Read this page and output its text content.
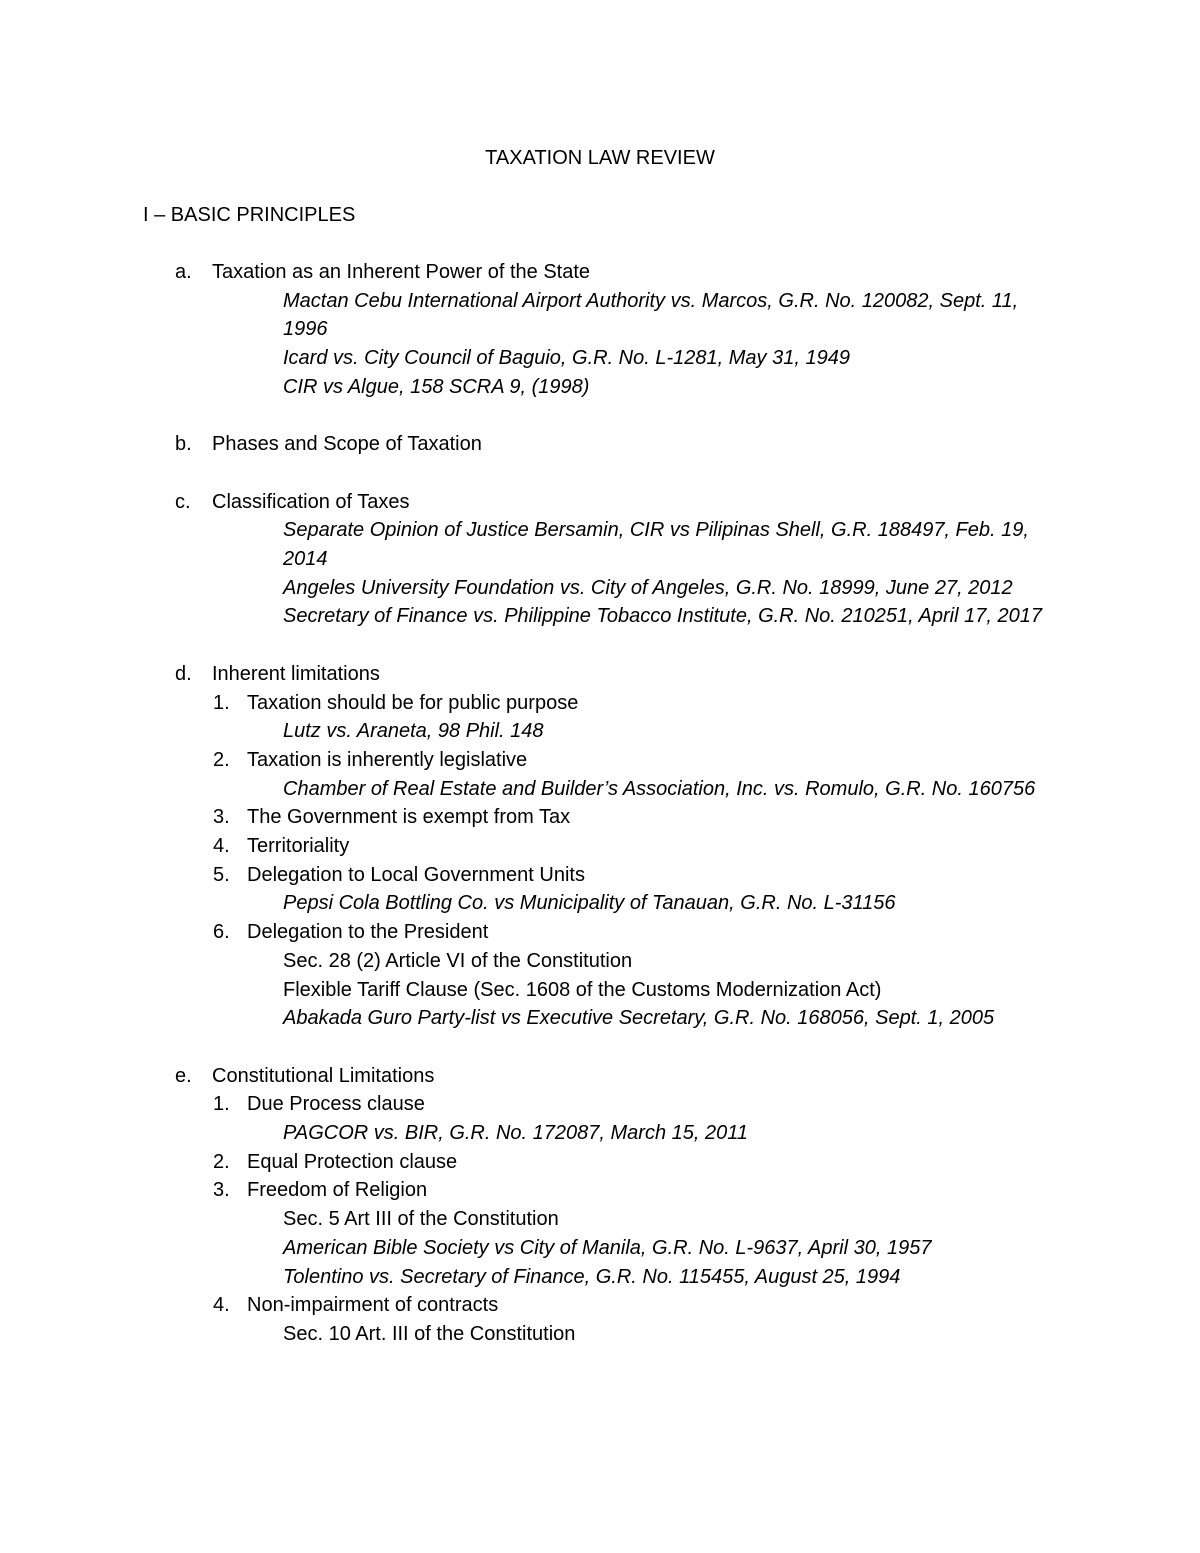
TAXATION LAW REVIEW
I – BASIC PRINCIPLES
a.	Taxation as an Inherent Power of the State
Mactan Cebu International Airport Authority vs. Marcos, G.R. No. 120082, Sept. 11, 1996
Icard vs. City Council of Baguio, G.R. No. L-1281, May 31, 1949
CIR vs Algue, 158 SCRA 9, (1998)
b.	Phases and Scope of Taxation
c.	Classification of Taxes
Separate Opinion of Justice Bersamin, CIR vs Pilipinas Shell, G.R. 188497, Feb. 19, 2014
Angeles University Foundation vs. City of Angeles, G.R. No. 18999, June 27, 2012
Secretary of Finance vs. Philippine Tobacco Institute, G.R. No. 210251, April 17, 2017
d.	Inherent limitations
1. Taxation should be for public purpose
Lutz vs. Araneta, 98 Phil. 148
2. Taxation is inherently legislative
Chamber of Real Estate and Builder’s Association, Inc. vs. Romulo, G.R. No. 160756
3. The Government is exempt from Tax
4. Territoriality
5. Delegation to Local Government Units
Pepsi Cola Bottling Co. vs Municipality of Tanauan, G.R. No. L-31156
6. Delegation to the President
Sec. 28 (2) Article VI of the Constitution
Flexible Tariff Clause (Sec. 1608 of the Customs Modernization Act)
Abakada Guro Party-list vs Executive Secretary, G.R. No. 168056, Sept. 1, 2005
e.	Constitutional Limitations
1. Due Process clause
PAGCOR vs. BIR, G.R. No. 172087, March 15, 2011
2. Equal Protection clause
3. Freedom of Religion
Sec. 5 Art III of the Constitution
American Bible Society vs City of Manila, G.R. No. L-9637, April 30, 1957
Tolentino vs. Secretary of Finance, G.R. No. 115455, August 25, 1994
4. Non-impairment of contracts
Sec. 10 Art. III of the Constitution
